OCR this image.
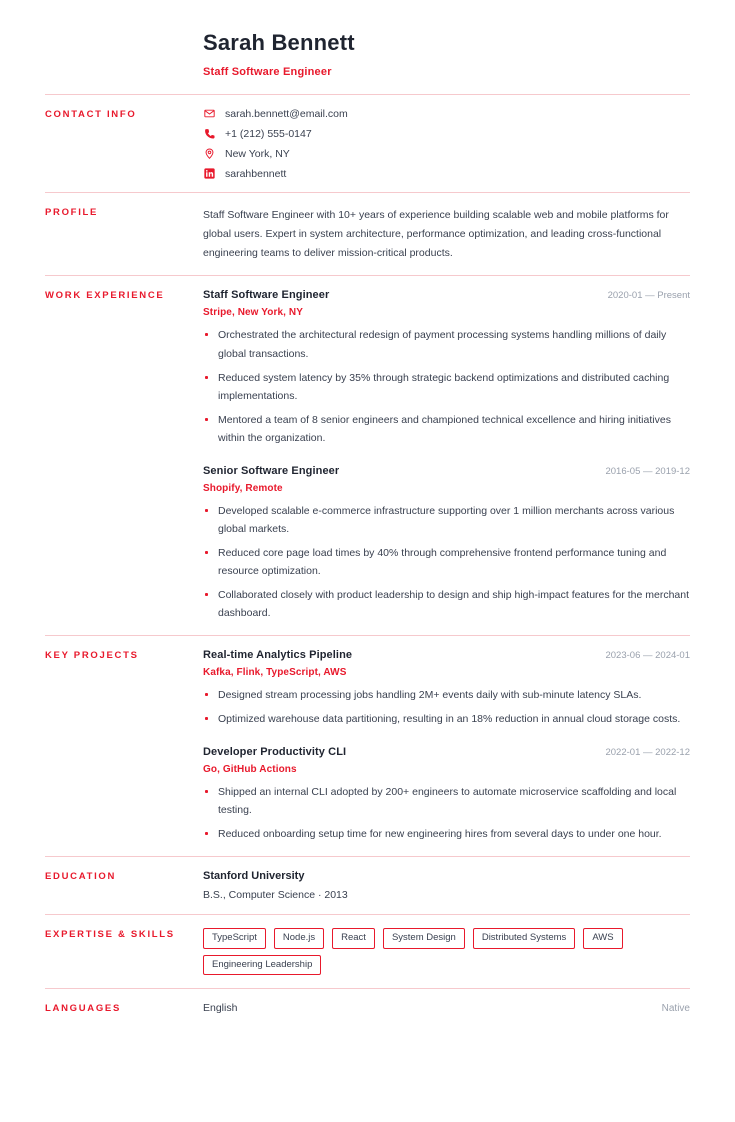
Sarah Bennett
Staff Software Engineer
CONTACT INFO	sarah.bennett@email.com
+1 (212) 555-0147
New York, NY
sarahbennett
PROFILE	Staff Software Engineer with 10+ years of experience building scalable web and mobile platforms for global users. Expert in system architecture, performance optimization, and leading cross-functional engineering teams to deliver mission-critical products.
WORK EXPERIENCE	Staff Software Engineer	2020-01 — Present
Stripe, New York, NY
Orchestrated the architectural redesign of payment processing systems handling millions of daily global transactions.
Reduced system latency by 35% through strategic backend optimizations and distributed caching implementations.
Mentored a team of 8 senior engineers and championed technical excellence and hiring initiatives within the organization.
Senior Software Engineer	2016-05 — 2019-12
Shopify, Remote
Developed scalable e-commerce infrastructure supporting over 1 million merchants across various global markets.
Reduced core page load times by 40% through comprehensive frontend performance tuning and resource optimization.
Collaborated closely with product leadership to design and ship high-impact features for the merchant dashboard.
KEY PROJECTS	Real-time Analytics Pipeline	2023-06 — 2024-01
Kafka, Flink, TypeScript, AWS
Designed stream processing jobs handling 2M+ events daily with sub-minute latency SLAs.
Optimized warehouse data partitioning, resulting in an 18% reduction in annual cloud storage costs.
Developer Productivity CLI	2022-01 — 2022-12
Go, GitHub Actions
Shipped an internal CLI adopted by 200+ engineers to automate microservice scaffolding and local testing.
Reduced onboarding setup time for new engineering hires from several days to under one hour.
EDUCATION	Stanford University
B.S., Computer Science · 2013
EXPERTISE & SKILLS	TypeScript	Node.js	React	System Design	Distributed Systems	AWS
Engineering Leadership
LANGUAGES	English	Native
